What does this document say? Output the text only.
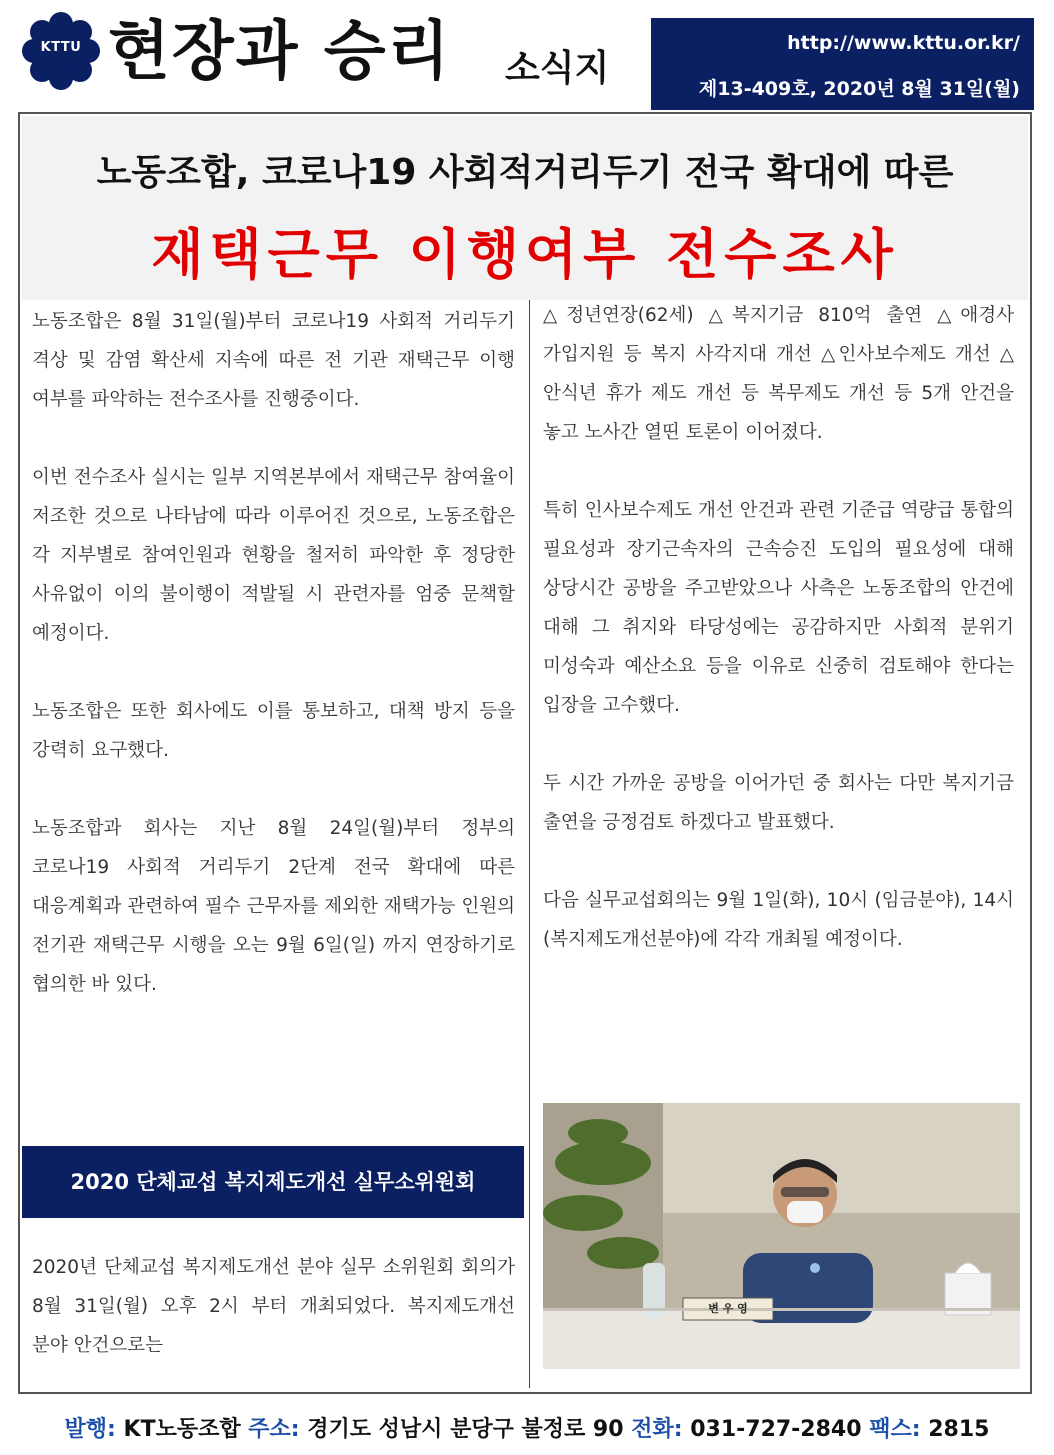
KTTU 현장과 승리 소식지
http://www.kttu.or.kr/
제13-409호, 2020년 8월 31일(월)
노동조합, 코로나19 사회적거리두기 전국 확대에 따른
재택근무 이행여부 전수조사

노동조합은 8월 31일(월)부터 코로나19 사회적 거리두기 격상 및 감염 확산세 지속에 따른 전 기관 재택근무 이행 여부를 파악하는 전수조사를 진행중이다.

이번 전수조사 실시는 일부 지역본부에서 재택근무 참여율이 저조한 것으로 나타남에 따라 이루어진 것으로, 노동조합은 각 지부별로 참여인원과 현황을 철저히 파악한 후 정당한 사유없이 이의 불이행이 적발될 시 관련자를 엄중 문책할 예정이다.

노동조합은 또한 회사에도 이를 통보하고, 대책 방지 등을 강력히 요구했다.

노동조합과 회사는 지난 8월 24일(월)부터 정부의 코로나19 사회적 거리두기 2단계 전국 확대에 따른 대응계획과 관련하여 필수 근무자를 제외한 재택가능 인원의 전기관 재택근무 시행을 오는 9월 6일(일) 까지 연장하기로 협의한 바 있다.

2020 단체교섭 복지제도개선 실무소위원회

2020년 단체교섭 복지제도개선 분야 실무 소위원회 회의가 8월 31일(월) 오후 2시 부터 개최되었다. 복지제도개선 분야 안건으로는

△정년연장(62세) △복지기금 810억 출연 △애경사 가입지원 등 복지 사각지대 개선 △인사보수제도 개선 △안식년 휴가 제도 개선 등 복무제도 개선 등 5개 안건을 놓고 노사간 열띤 토론이 이어졌다.

특히 인사보수제도 개선 안건과 관련 기준급 역량급 통합의 필요성과 장기근속자의 근속승진 도입의 필요성에 대해 상당시간 공방을 주고받았으나 사측은 노동조합의 안건에 대해 그 취지와 타당성에는 공감하지만 사회적 분위기 미성숙과 예산소요 등을 이유로 신중히 검토해야 한다는 입장을 고수했다.

두 시간 가까운 공방을 이어가던 중 회사는 다만 복지기금 출연을 긍정검토 하겠다고 발표했다.

다음 실무교섭회의는 9월 1일(화), 10시 (임금분야), 14시 (복지제도개선분야)에 각각 개최될 예정이다.

변 우 영
발행: KT노동조합 주소: 경기도 성남시 분당구 불정로 90 전화: 031-727-2840 팩스: 2815
